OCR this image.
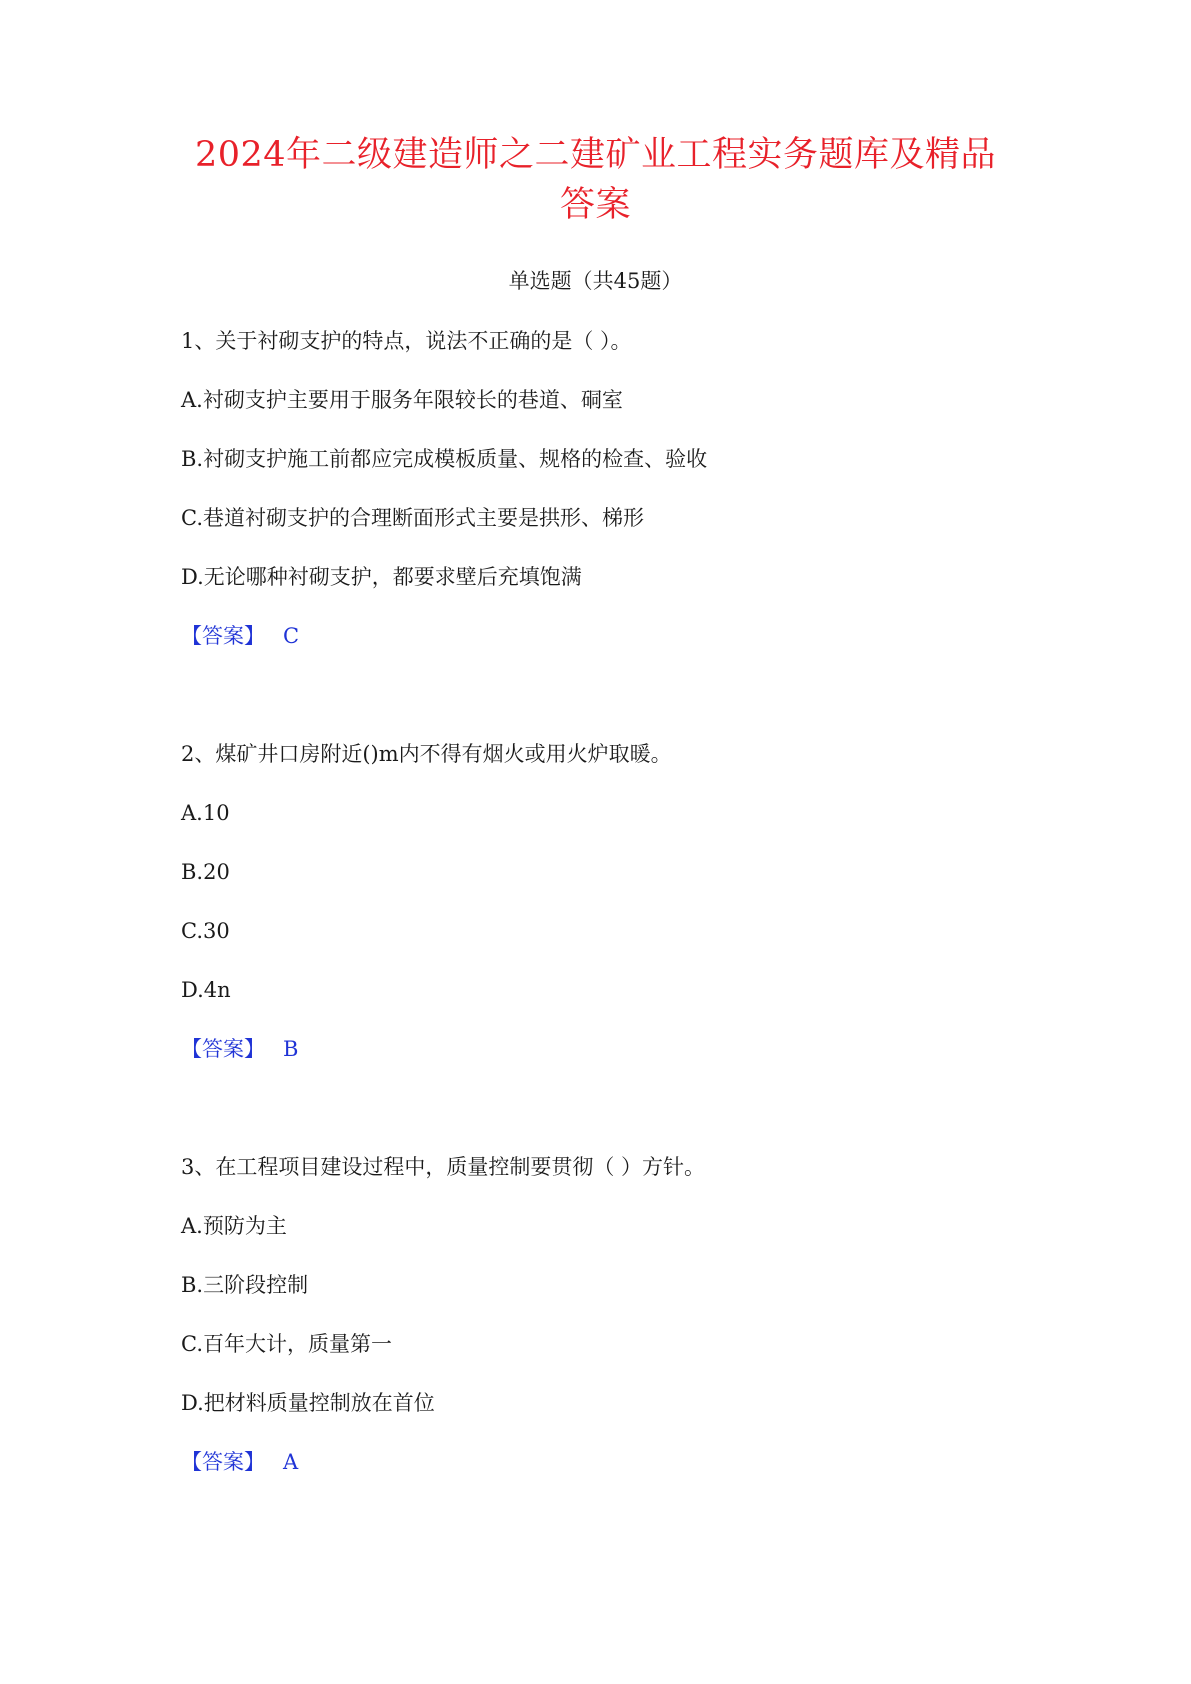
2024年二级建造师之二建矿业工程实务题库及精品
答案
单选题（共45题）
1、关于衬砌支护的特点，说法不正确的是（ ）。
A.衬砌支护主要用于服务年限较长的巷道、硐室
B.衬砌支护施工前都应完成模板质量、规格的检查、验收
C.巷道衬砌支护的合理断面形式主要是拱形、梯形
D.无论哪种衬砌支护，都要求壁后充填饱满
【答案】 C
2、煤矿井口房附近()m内不得有烟火或用火炉取暖。
A.10
B.20
C.30
D.4n
【答案】 B
3、在工程项目建设过程中，质量控制要贯彻（ ）方针。
A.预防为主
B.三阶段控制
C.百年大计，质量第一
D.把材料质量控制放在首位
【答案】 A
